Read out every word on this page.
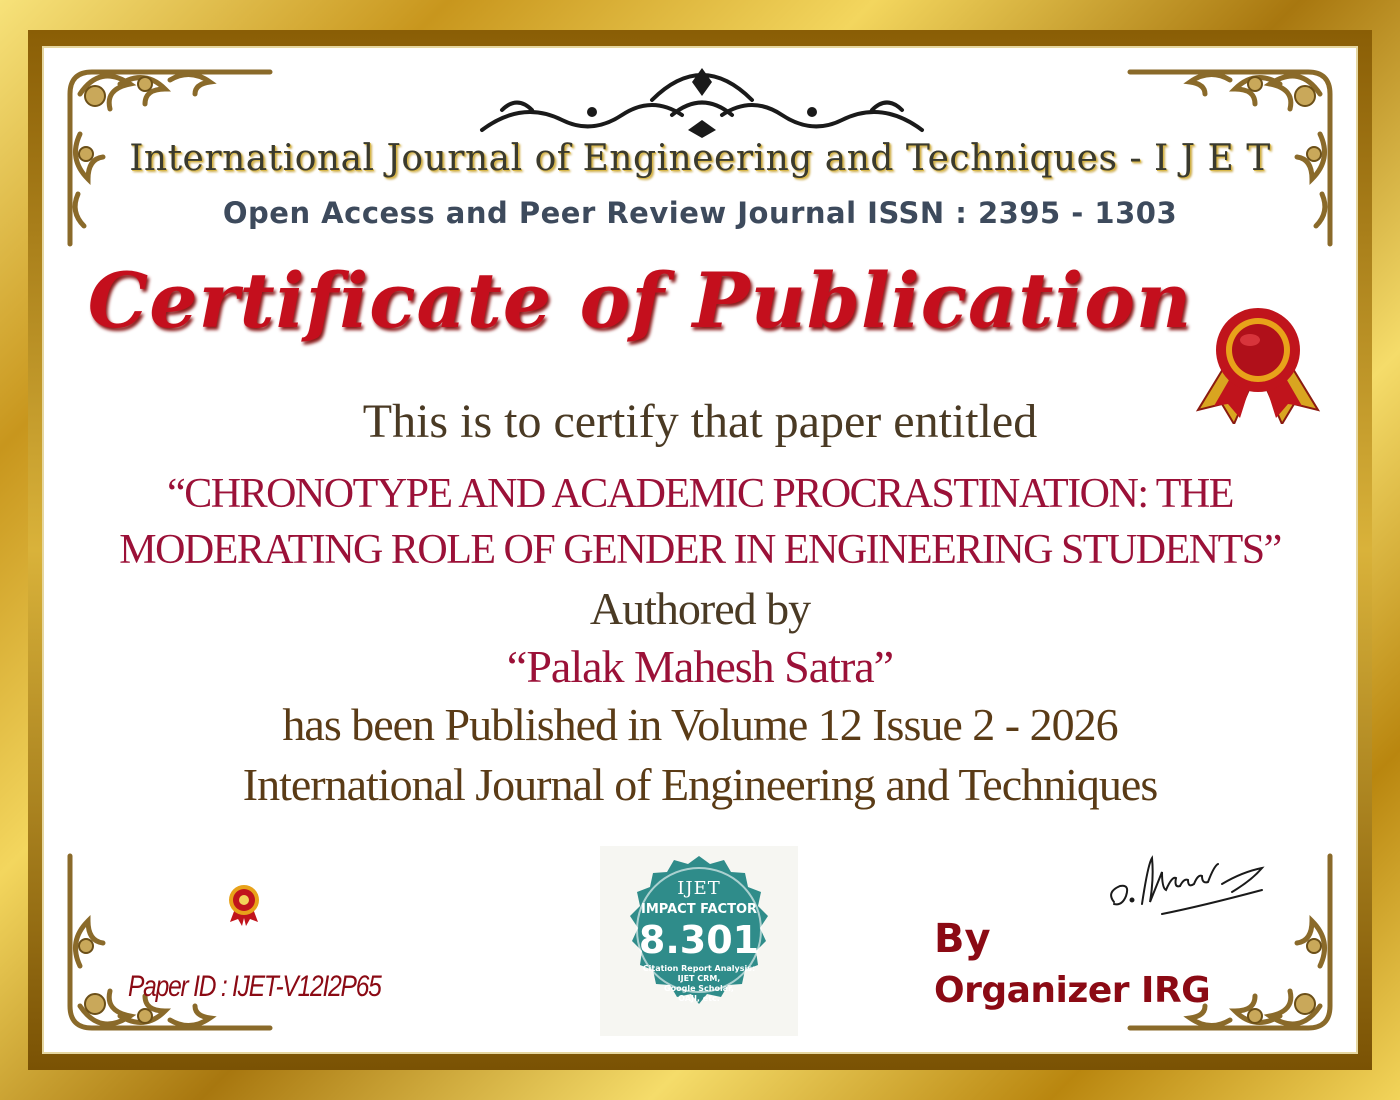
International Journal of Engineering and Techniques - I J E T

Open Access and Peer Review Journal ISSN : 2395 - 1303

Certificate of Publication

This is to certify that paper entitled

“CHRONOTYPE AND ACADEMIC PROCRASTINATION: THE MODERATING ROLE OF GENDER IN ENGINEERING STUDENTS”

Authored by

“Palak Mahesh Satra”

has been Published in Volume 12 Issue 2 - 2026

International Journal of Engineering and Techniques

Paper ID : IJET-V12I2P65

IJET

IMPACT FACTOR

8.301

Citation Report Analysis:
IJET CRM,
Google Scholar,
OAJI, etc.

By

Organizer IRG
